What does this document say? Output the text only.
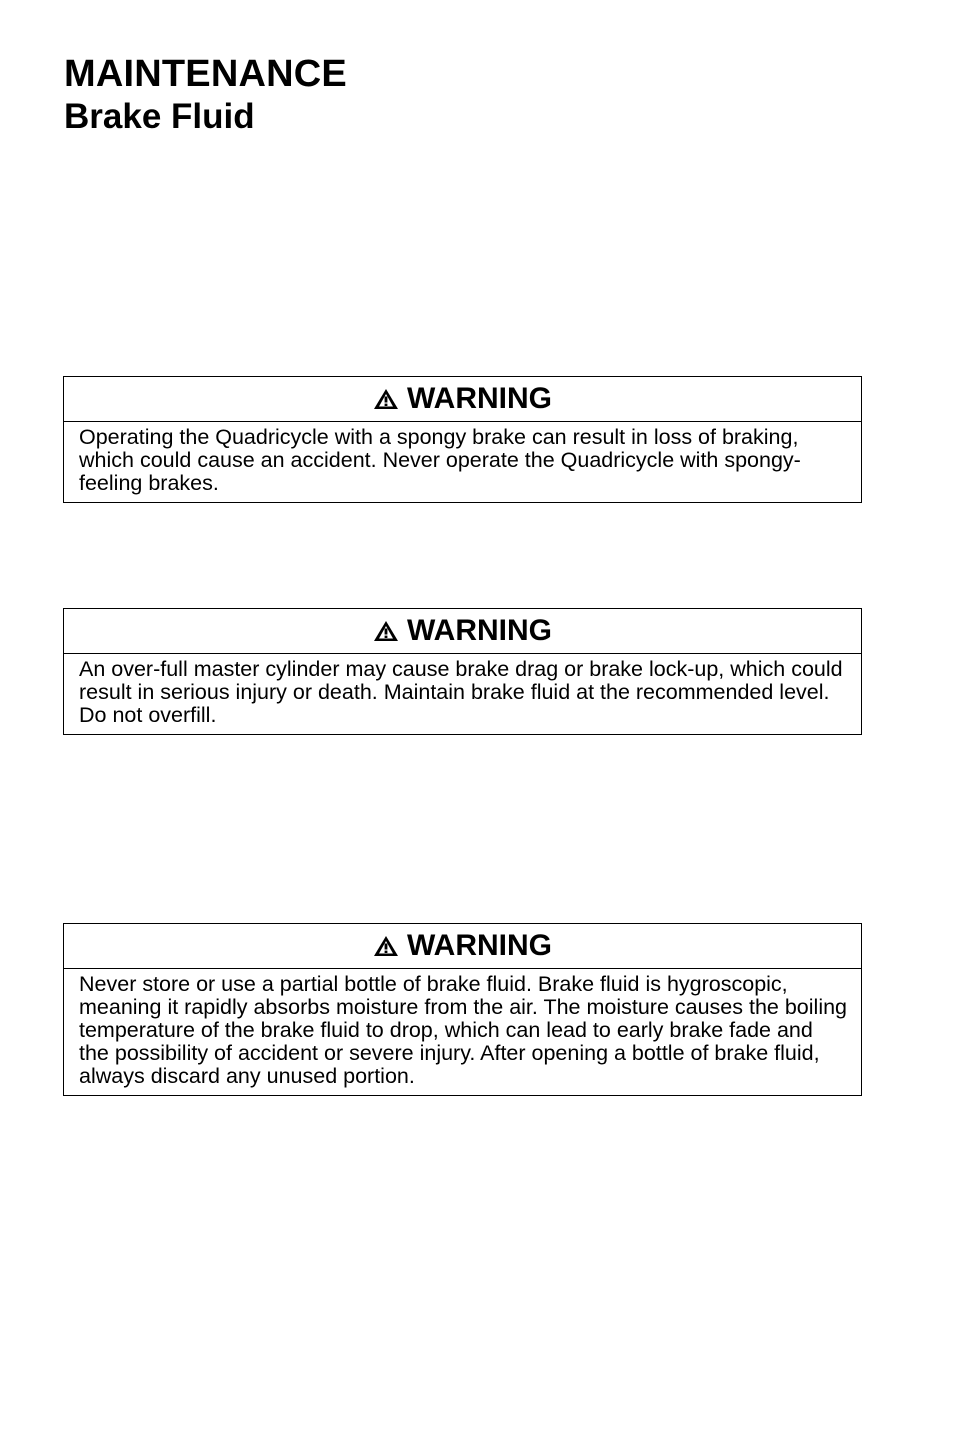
MAINTENANCE
Brake Fluid
WARNING

Operating the Quadricycle with a spongy brake can result in loss of braking, which could cause an accident. Never operate the Quadricycle with spongy-feeling brakes.

WARNING

An over-full master cylinder may cause brake drag or brake lock-up, which could result in serious injury or death. Maintain brake fluid at the recommended level. Do not overfill.

WARNING

Never store or use a partial bottle of brake fluid. Brake fluid is hygroscopic, meaning it rapidly absorbs moisture from the air. The moisture causes the boiling temperature of the brake fluid to drop, which can lead to early brake fade and the possibility of accident or severe injury. After opening a bottle of brake fluid, always discard any unused portion.
